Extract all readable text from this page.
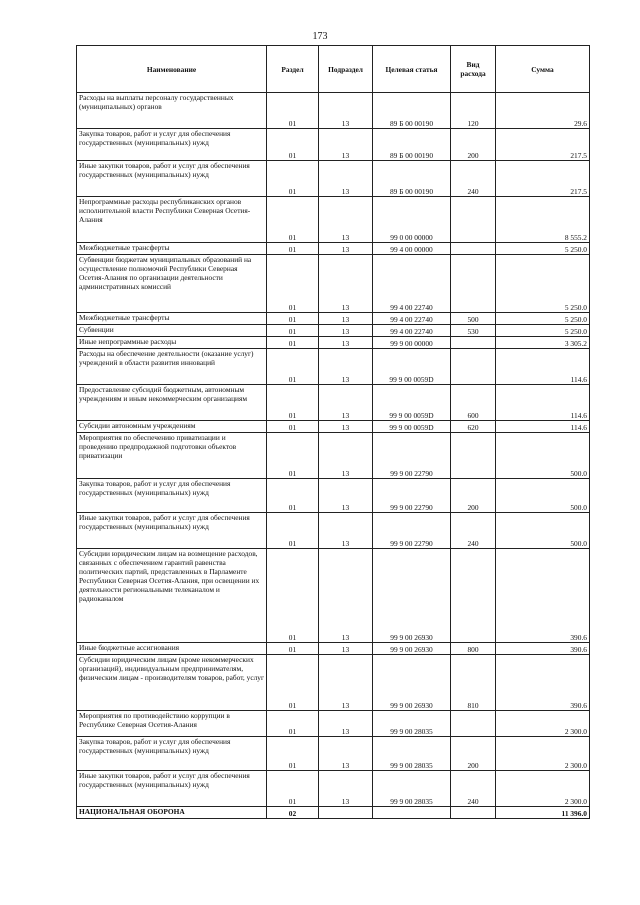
173
Наименование	Раздел	Подраздел	Целевая статья	Вид расхода	Сумма
Расходы на выплаты персоналу государственных (муниципальных) органов	01	13	89 Б 00 00190	120	29.6
Закупка товаров, работ и услуг для обеспечения государственных (муниципальных) нужд	01	13	89 Б 00 00190	200	217.5
Иные закупки товаров, работ и услуг для обеспечения государственных (муниципальных) нужд	01	13	89 Б 00 00190	240	217.5
Непрограммные расходы республиканских органов исполнительной власти Республики Северная Осетия-Алания	01	13	99 0 00 00000		8 555.2
Межбюджетные трансферты	01	13	99 4 00 00000		5 250.0
Субвенции бюджетам муниципальных образований на осуществление полномочий Республики Северная Осетия-Алания по организации деятельности административных комиссий	01	13	99 4 00 22740		5 250.0
Межбюджетные трансферты	01	13	99 4 00 22740	500	5 250.0
Субвенции	01	13	99 4 00 22740	530	5 250.0
Иные непрограммные расходы	01	13	99 9 00 00000		3 305.2
Расходы на обеспечение деятельности (оказание услуг) учреждений в области развития инноваций	01	13	99 9 00 0059D		114.6
Предоставление субсидий бюджетным, автономным учреждениям и иным некоммерческим организациям	01	13	99 9 00 0059D	600	114.6
Субсидии автономным учреждениям	01	13	99 9 00 0059D	620	114.6
Мероприятия по обеспечению приватизации и проведению предпродажной подготовки объектов приватизации	01	13	99 9 00 22790		500.0
Закупка товаров, работ и услуг для обеспечения государственных (муниципальных) нужд	01	13	99 9 00 22790	200	500.0
Иные закупки товаров, работ и услуг для обеспечения государственных (муниципальных) нужд	01	13	99 9 00 22790	240	500.0
Субсидии юридическим лицам на возмещение расходов, связанных с обеспечением гарантий равенства политических партий, представленных в Парламенте Республики Северная Осетия-Алания, при освещении их деятельности региональными телеканалом и радиоканалом	01	13	99 9 00 26930		390.6
Иные бюджетные ассигнования	01	13	99 9 00 26930	800	390.6
Субсидии юридическим лицам (кроме некоммерческих организаций), индивидуальным предпринимателям, физическим лицам - производителям товаров, работ, услуг	01	13	99 9 00 26930	810	390.6
Мероприятия по противодействию коррупции в Республике Северная Осетия-Алания	01	13	99 9 00 28035		2 300.0
Закупка товаров, работ и услуг для обеспечения государственных (муниципальных) нужд	01	13	99 9 00 28035	200	2 300.0
Иные закупки товаров, работ и услуг для обеспечения государственных (муниципальных) нужд	01	13	99 9 00 28035	240	2 300.0
НАЦИОНАЛЬНАЯ ОБОРОНА	02				11 396.0
